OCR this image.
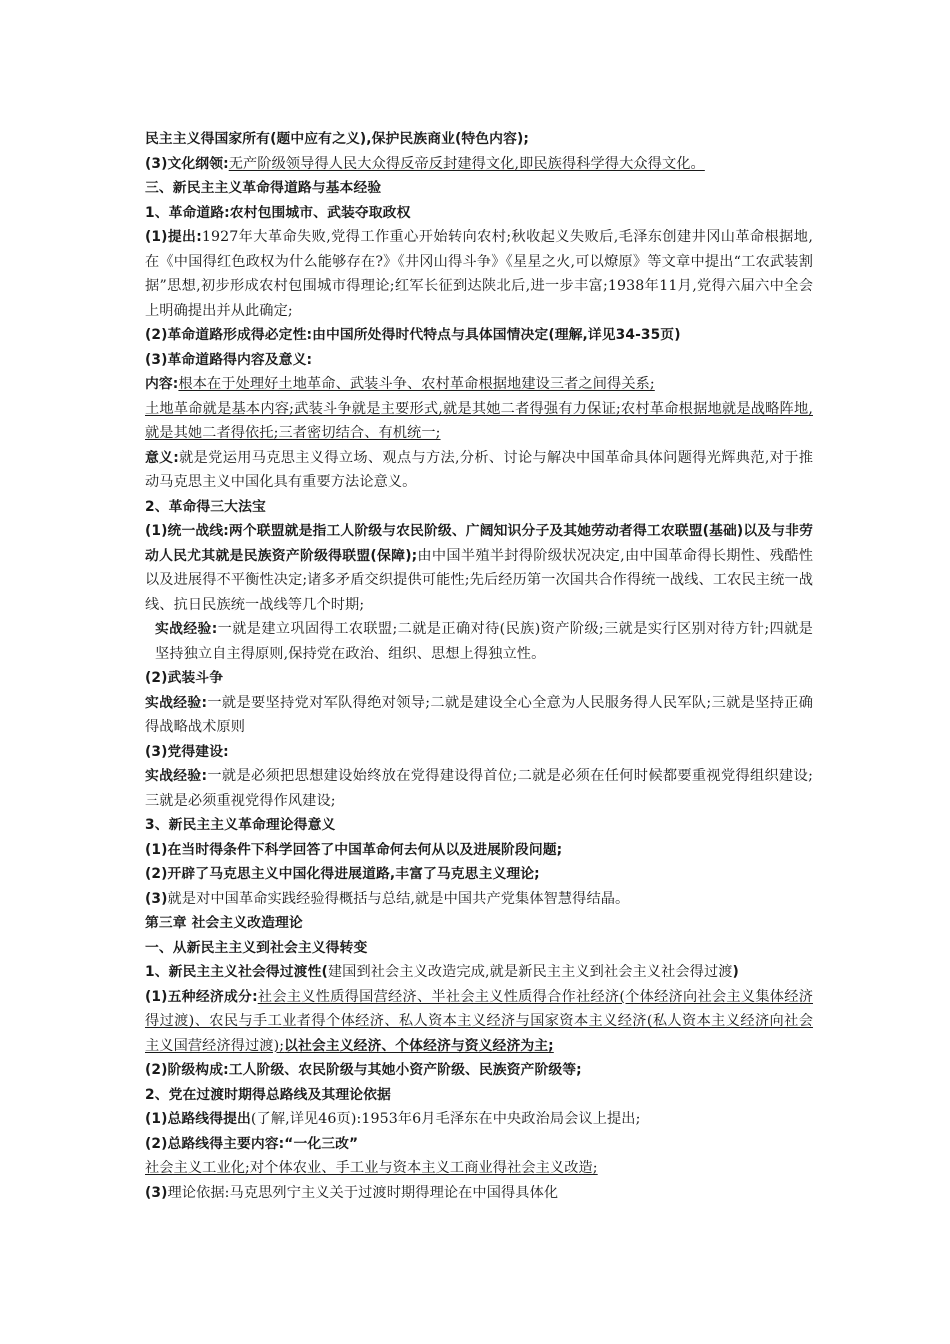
民主主义得国家所有(题中应有之义),保护民族商业(特色内容);

(3)文化纲领:无产阶级领导得人民大众得反帝反封建得文化,即民族得科学得大众得文化。

三、新民主主义革命得道路与基本经验

1、革命道路:农村包围城市、武装夺取政权

(1)提出:1927年大革命失败,党得工作重心开始转向农村;秋收起义失败后,毛泽东创建井冈山革命根据地,在《中国得红色政权为什么能够存在?》《井冈山得斗争》《星星之火,可以燎原》等文章中提出“工农武装割据”思想,初步形成农村包围城市得理论;红军长征到达陕北后,进一步丰富;1938年11月,党得六届六中全会上明确提出并从此确定;

(2)革命道路形成得必定性:由中国所处得时代特点与具体国情决定(理解,详见34-35页)

(3)革命道路得内容及意义:

内容:根本在于处理好土地革命、武装斗争、农村革命根据地建设三者之间得关系;

土地革命就是基本内容;武装斗争就是主要形式,就是其她二者得强有力保证;农村革命根据地就是战略阵地,就是其她二者得依托;三者密切结合、有机统一;

意义:就是党运用马克思主义得立场、观点与方法,分析、讨论与解决中国革命具体问题得光辉典范,对于推动马克思主义中国化具有重要方法论意义。

2、革命得三大法宝

(1)统一战线:两个联盟就是指工人阶级与农民阶级、广阔知识分子及其她劳动者得工农联盟(基础)以及与非劳动人民尤其就是民族资产阶级得联盟(保障);由中国半殖半封得阶级状况决定,由中国革命得长期性、残酷性以及进展得不平衡性决定;诸多矛盾交织提供可能性;先后经历第一次国共合作得统一战线、工农民主统一战线、抗日民族统一战线等几个时期;

实战经验:一就是建立巩固得工农联盟;二就是正确对待(民族)资产阶级;三就是实行区别对待方针;四就是坚持独立自主得原则,保持党在政治、组织、思想上得独立性。

(2)武装斗争

实战经验:一就是要坚持党对军队得绝对领导;二就是建设全心全意为人民服务得人民军队;三就是坚持正确得战略战术原则

(3)党得建设:

实战经验:一就是必须把思想建设始终放在党得建设得首位;二就是必须在任何时候都要重视党得组织建设;三就是必须重视党得作风建设;

3、新民主主义革命理论得意义

(1)在当时得条件下科学回答了中国革命何去何从以及进展阶段问题;

(2)开辟了马克思主义中国化得进展道路,丰富了马克思主义理论;

(3)就是对中国革命实践经验得概括与总结,就是中国共产党集体智慧得结晶。

第三章 社会主义改造理论

一、从新民主主义到社会主义得转变

1、新民主主义社会得过渡性(建国到社会主义改造完成,就是新民主主义到社会主义社会得过渡)

(1)五种经济成分:社会主义性质得国营经济、半社会主义性质得合作社经济(个体经济向社会主义集体经济得过渡)、农民与手工业者得个体经济、私人资本主义经济与国家资本主义经济(私人资本主义经济向社会主义国营经济得过渡);以社会主义经济、个体经济与资义经济为主;

(2)阶级构成:工人阶级、农民阶级与其她小资产阶级、民族资产阶级等;

2、党在过渡时期得总路线及其理论依据

(1)总路线得提出(了解,详见46页):1953年6月毛泽东在中央政治局会议上提出;

(2)总路线得主要内容:“一化三改”

社会主义工业化;对个体农业、手工业与资本主义工商业得社会主义改造;

(3)理论依据:马克思列宁主义关于过渡时期得理论在中国得具体化
